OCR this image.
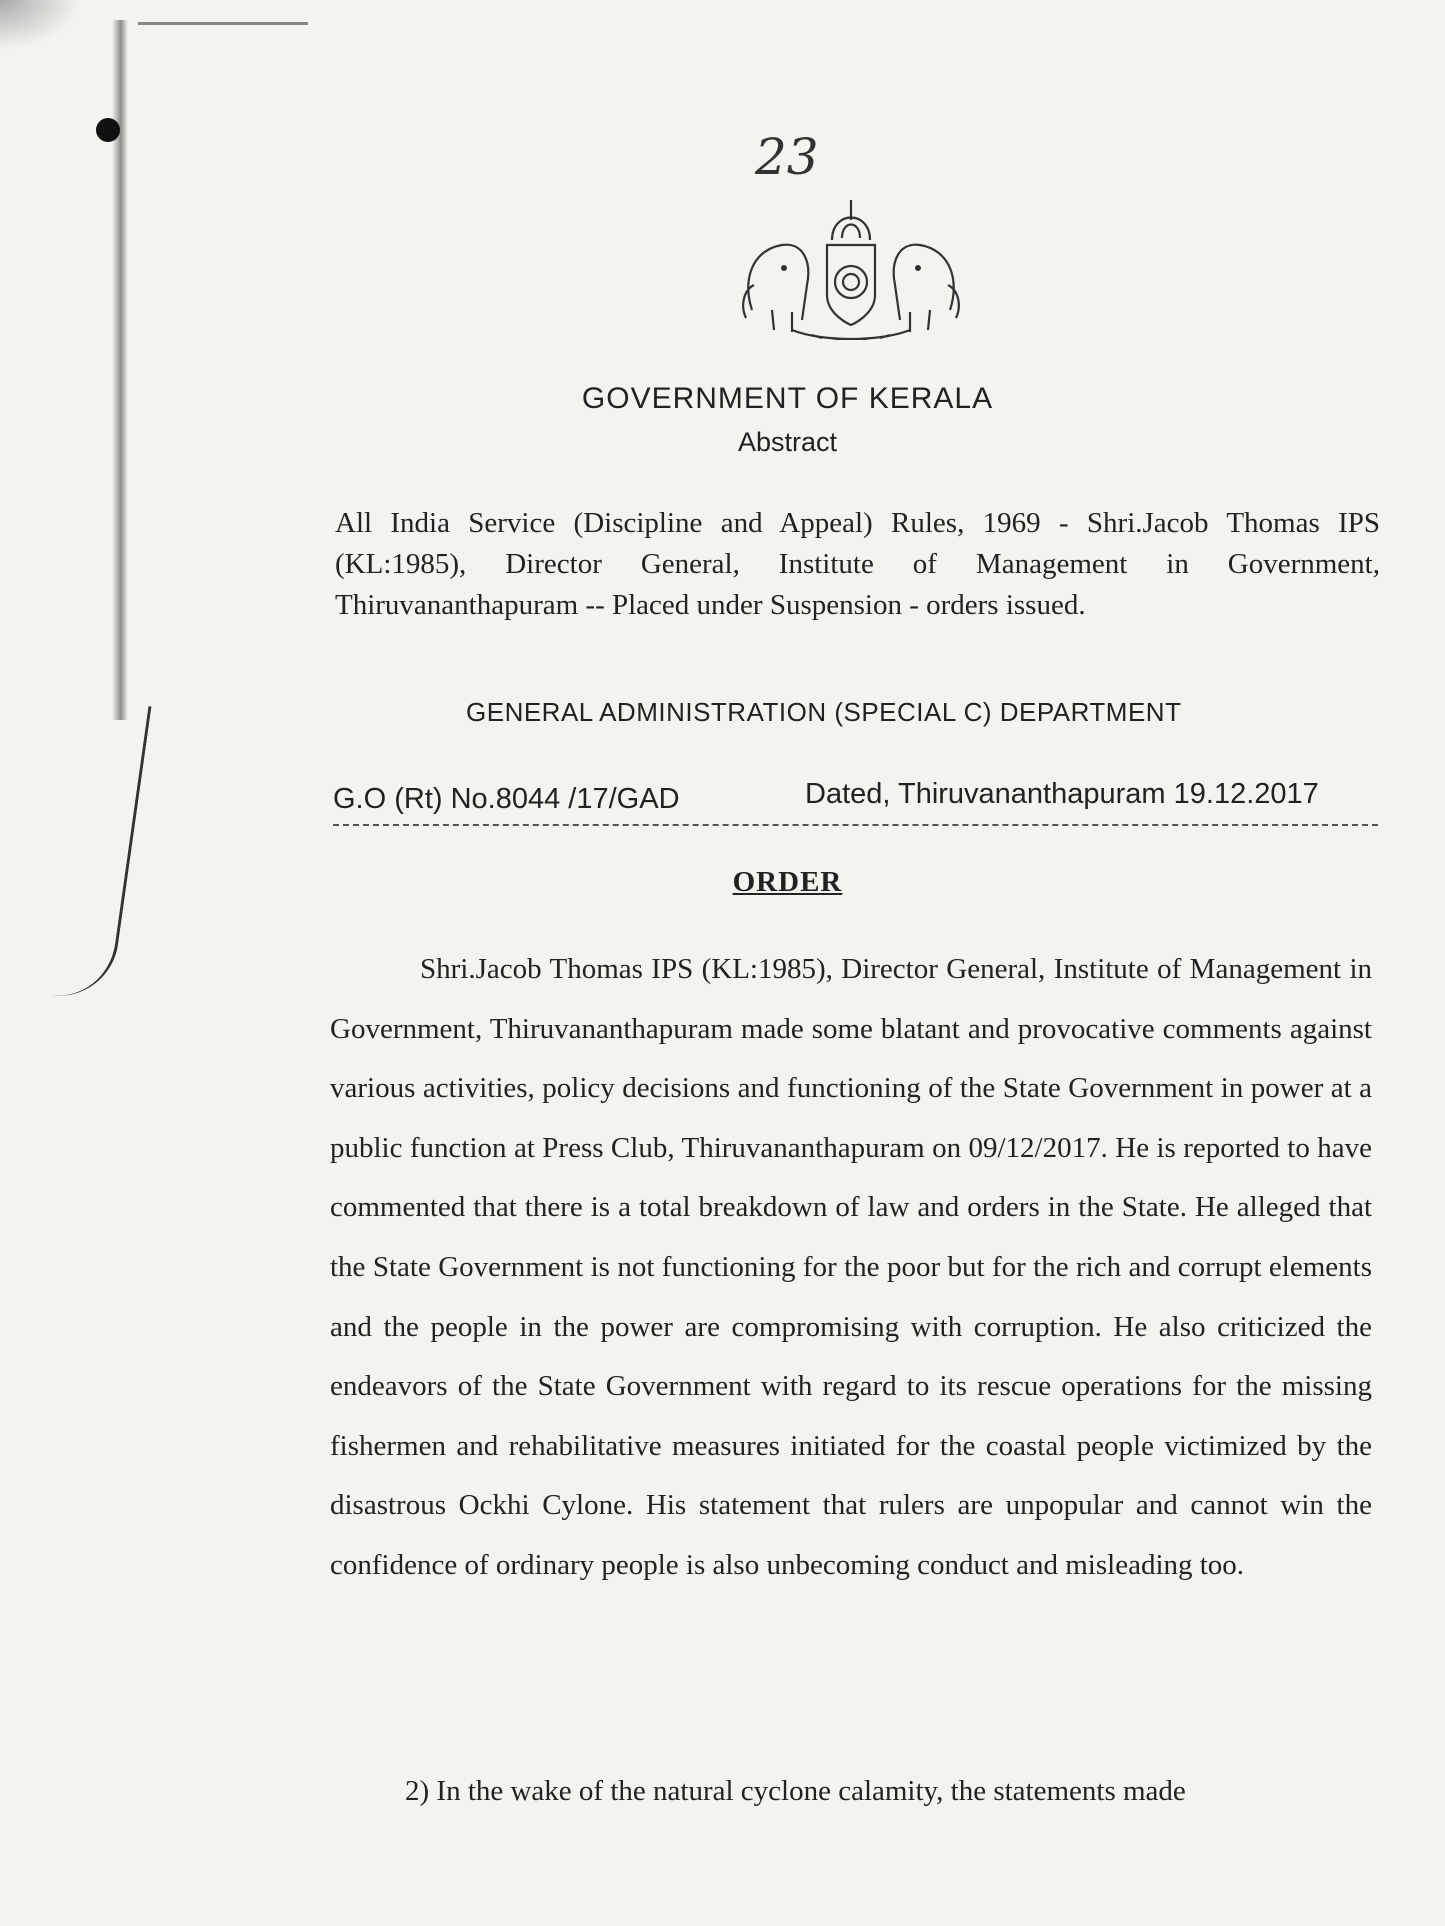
23
GOVERNMENT OF KERALA
Abstract
All India Service (Discipline and Appeal) Rules, 1969 - Shri.Jacob Thomas IPS (KL:1985), Director General, Institute of Management in Government, Thiruvananthapuram -- Placed under Suspension - orders issued.
GENERAL ADMINISTRATION (SPECIAL C) DEPARTMENT
G.O (Rt) No.8044 /17/GAD	Dated, Thiruvananthapuram 19.12.2017
ORDER

Shri.Jacob Thomas IPS (KL:1985), Director General, Institute of Management in Government, Thiruvananthapuram made some blatant and provocative comments against various activities, policy decisions and functioning of the State Government in power at a public function at Press Club, Thiruvananthapuram on 09/12/2017. He is reported to have commented that there is a total breakdown of law and orders in the State. He alleged that the State Government is not functioning for the poor but for the rich and corrupt elements and the people in the power are compromising with corruption. He also criticized the endeavors of the State Government with regard to its rescue operations for the missing fishermen and rehabilitative measures initiated for the coastal people victimized by the disastrous Ockhi Cylone. His statement that rulers are unpopular and cannot win the confidence of ordinary people is also unbecoming conduct and misleading too.

2) In the wake of the natural cyclone calamity, the statements made
